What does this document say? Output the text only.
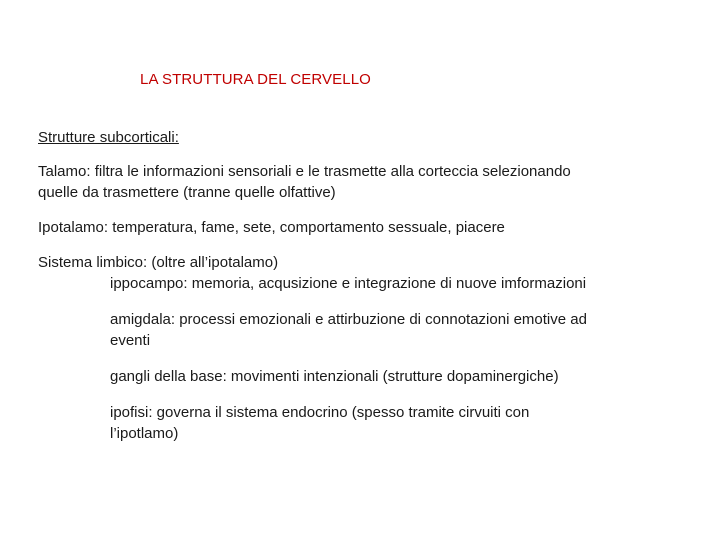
LA STRUTTURA DEL CERVELLO
Strutture subcorticali:
Talamo: filtra le informazioni sensoriali e le trasmette alla corteccia selezionando
quelle da trasmettere (tranne quelle olfattive)
Ipotalamo: temperatura, fame, sete, comportamento sessuale, piacere
Sistema limbico: (oltre all’ipotalamo)
ippocampo: memoria, acqusizione e integrazione di nuove imformazioni
amigdala: processi emozionali e attirbuzione di connotazioni emotive ad
eventi
gangli della base: movimenti intenzionali (strutture dopaminergiche)
ipofisi: governa il sistema endocrino (spesso tramite cirvuiti con
l’ipotlamo)
